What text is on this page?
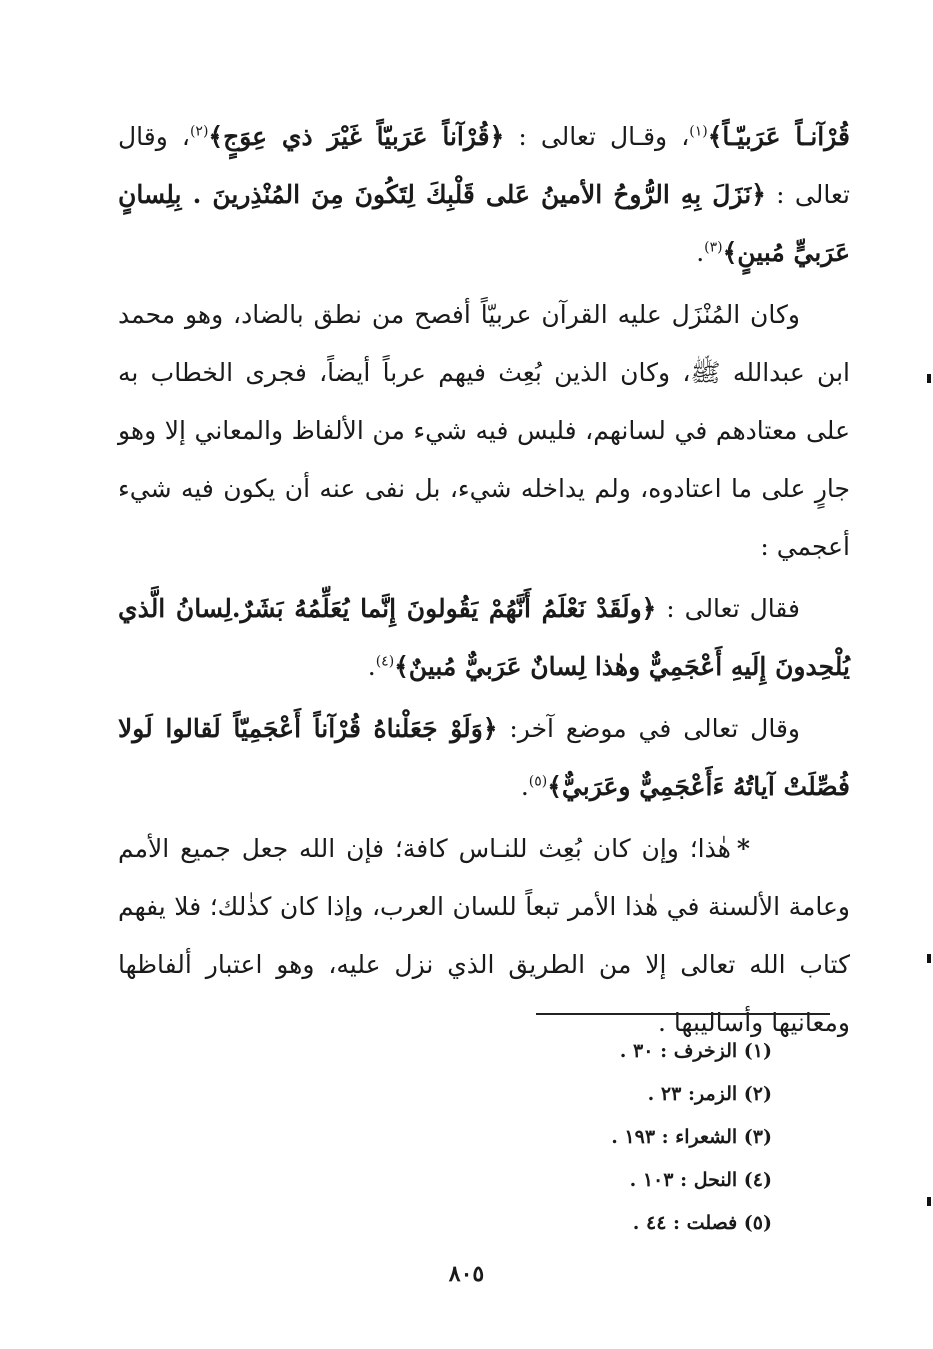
قُرْآنـاً عَرَبيّـاً﴾$^{(١)}$، وقـال تعالى : ﴿قُرْآناً عَرَبيّاً غَيْرَ ذي عِوَجٍ﴾$^{(٢)}$، وقال تعالى : ﴿نَزَلَ بِهِ الرُّوحُ الأمينُ عَلى قَلْبِكَ لِتَكُونَ مِنَ المُنْذِرينَ . بِلِسانٍ عَرَبيٍّ مُبينٍ﴾$^{(٣)}$.

وكان المُنْزَل عليه القرآن عربيّاً أفصح من نطق بالضاد، وهو محمد ابن عبدالله ﷺ، وكان الذين بُعِث فيهم عرباً أيضاً، فجرى الخطاب به على معتادهم في لسانهم، فليس فيه شيء من الألفاظ والمعاني إلا وهو جارٍ على ما اعتادوه، ولم يداخله شيء، بل نفى عنه أن يكون فيه شيء أعجمي :

فقال تعالى : ﴿ولَقَدْ نَعْلَمُ أَنَّهُمْ يَقُولونَ إِنَّما يُعَلِّمُهُ بَشَرٌ.لِسانُ الَّذي يُلْحِدونَ إِلَيهِ أَعْجَمِيٌّ وهٰذا لِسانٌ عَرَبيٌّ مُبينٌ﴾$^{(٤)}$.

وقال تعالى في موضع آخر: ﴿وَلَوْ جَعَلْناهُ قُرْآناً أَعْجَمِيّاً لَقالوا لَولا فُصِّلَتْ آياتُهُ ءَأَعْجَمِيٌّ وعَرَبيٌّ﴾$^{(٥)}$.

*هٰذا؛ وإن كان بُعِث للنـاس كافة؛ فإن الله جعل جميع الأمم وعامة الألسنة في هٰذا الأمر تبعاً للسان العرب، وإذا كان كذٰلك؛ فلا يفهم كتاب الله تعالى إلا من الطريق الذي نزل عليه، وهو اعتبار ألفاظها ومعانيها وأساليبها .

(١) الزخرف : ٣٠ .
(٢) الزمر: ٢٣ .
(٣) الشعراء : ١٩٣ .
(٤) النحل : ١٠٣ .
(٥) فصلت : ٤٤ .
٨٠٥
